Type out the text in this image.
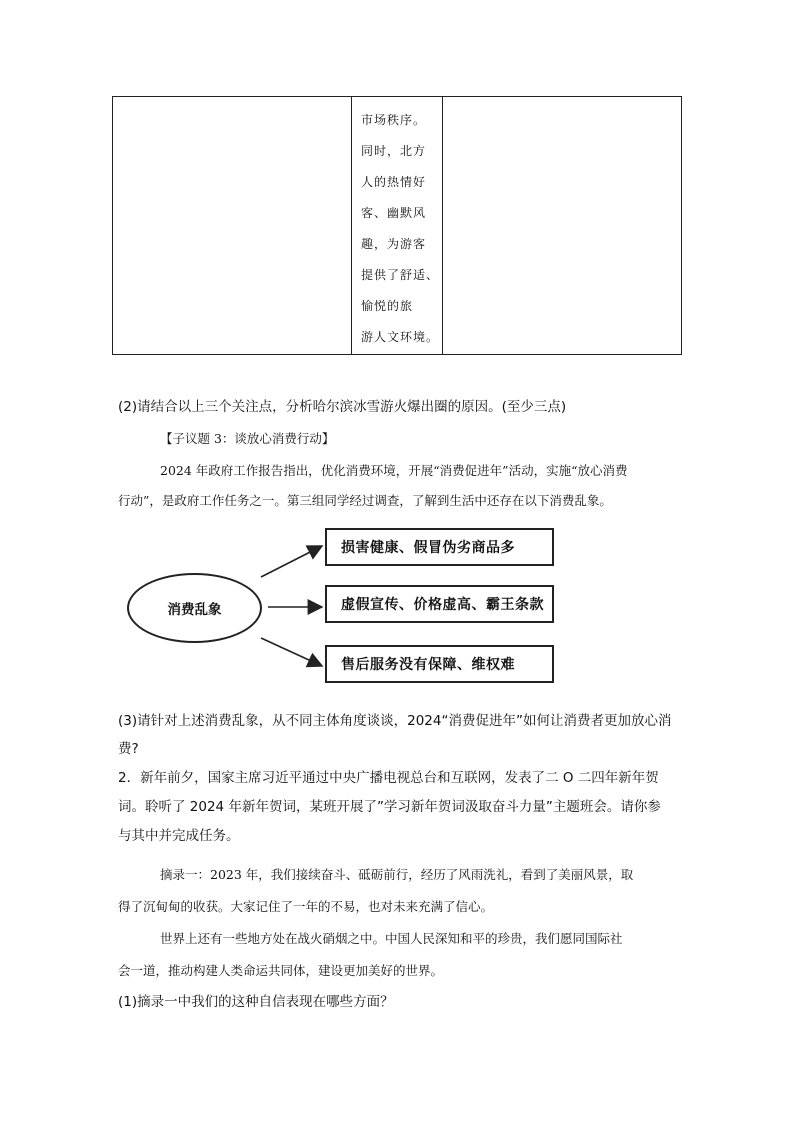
市场秩序。
同时，北方
人的热情好
客、幽默风
趣，为游客
提供了舒适、
愉悦的旅
游人文环境。
(2)请结合以上三个关注点，分析哈尔滨冰雪游火爆出圈的原因。(至少三点)
【子议题 3：谈放心消费行动】
2024 年政府工作报告指出，优化消费环境，开展“消费促进年”活动，实施“放心消费
行动”，是政府工作任务之一。第三组同学经过调查，了解到生活中还存在以下消费乱象。
消费乱象
损害健康、假冒伪劣商品多
虚假宣传、价格虚高、霸王条款
售后服务没有保障、维权难
(3)请针对上述消费乱象，从不同主体角度谈谈，2024“消费促进年”如何让消费者更加放心消
费?
2．新年前夕，国家主席习近平通过中央广播电视总台和互联网，发表了二 O 二四年新年贺
词。聆听了 2024 年新年贺词，某班开展了”学习新年贺词汲取奋斗力量”主题班会。请你参
与其中并完成任务。
摘录一：2023 年，我们接续奋斗、砥砺前行，经历了风雨洗礼，看到了美丽风景，取
得了沉甸甸的收获。大家记住了一年的不易，也对未来充满了信心。
世界上还有一些地方处在战火硝烟之中。中国人民深知和平的珍贵，我们愿同国际社
会一道，推动构建人类命运共同体，建设更加美好的世界。
(1)摘录一中我们的这种自信表现在哪些方面？
